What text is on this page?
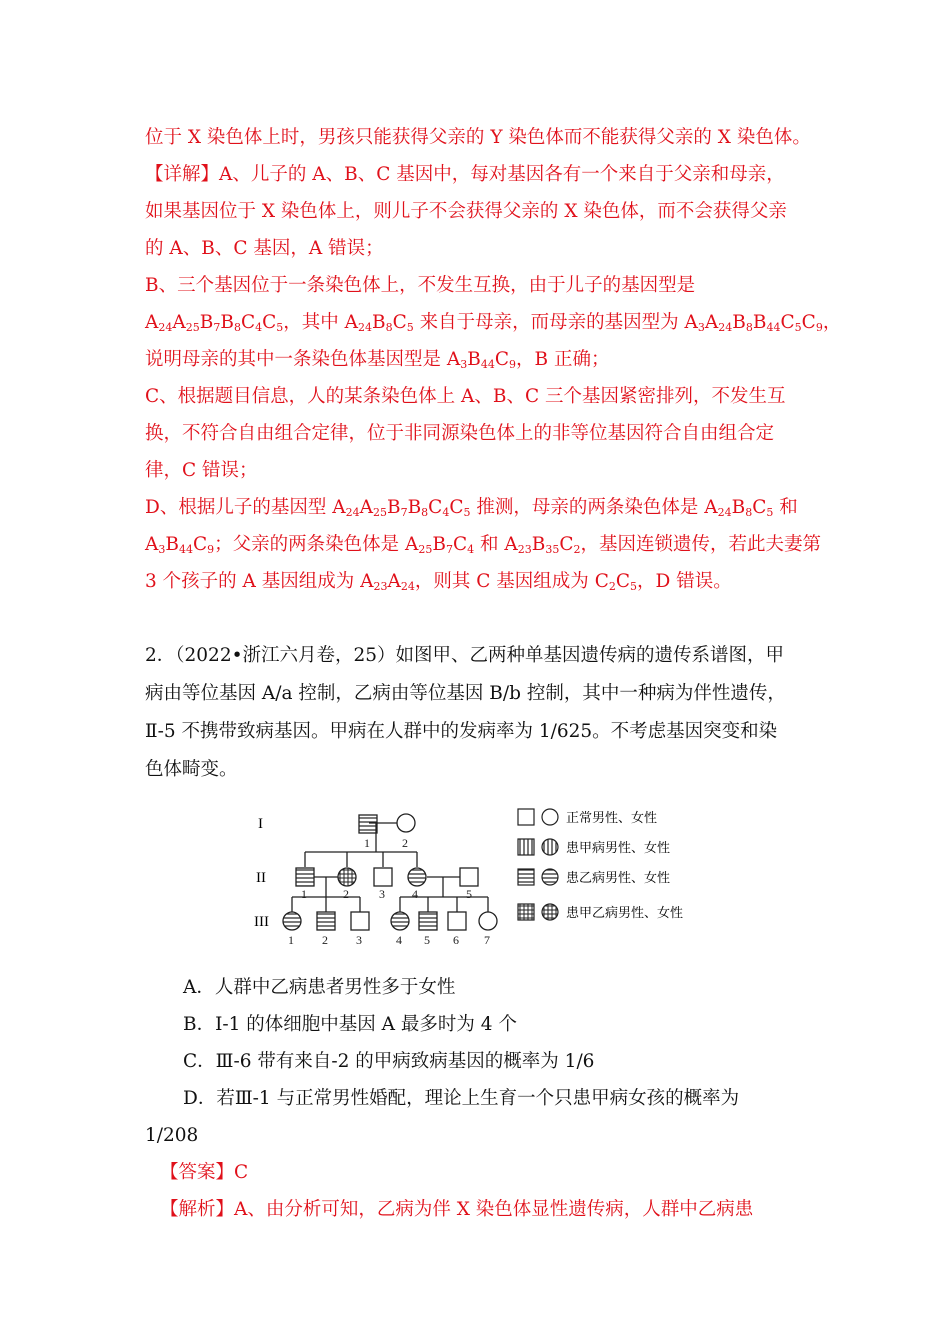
位于 X 染色体上时，男孩只能获得父亲的 Y 染色体而不能获得父亲的 X 染色体。
【详解】A、儿子的 A、B、C 基因中，每对基因各有一个来自于父亲和母亲，
如果基因位于 X 染色体上，则儿子不会获得父亲的 X 染色体，而不会获得父亲
的 A、B、C 基因，A 错误；
B、三个基因位于一条染色体上，不发生互换，由于儿子的基因型是
$A_{24}A_{25}B_7B_8C_4C_5$，其中 $A_{24}B_8C_5$ 来自于母亲，而母亲的基因型为 $A_3A_{24}B_8B_{44}C_5C_9$，
说明母亲的其中一条染色体基因型是 $A_3B_{44}C_9$，B 正确；
C、根据题目信息，人的某条染色体上 A、B、C 三个基因紧密排列，不发生互
换，不符合自由组合定律，位于非同源染色体上的非等位基因符合自由组合定
律，C 错误；
D、根据儿子的基因型 $A_{24}A_{25}B_7B_8C_4C_5$ 推测，母亲的两条染色体是 $A_{24}B_8C_5$ 和
$A_3B_{44}C_9$；父亲的两条染色体是 $A_{25}B_7C_4$ 和 $A_{23}B_{35}C_2$，基因连锁遗传，若此夫妻第
3 个孩子的 A 基因组成为 $A_{23}A_{24}$，则其 C 基因组成为 $C_2C_5$，D 错误。
2．（2022•浙江六月卷，25）如图甲、乙两种单基因遗传病的遗传系谱图，甲
病由等位基因 A/a 控制，乙病由等位基因 B/b 控制，其中一种病为伴性遗传，
Ⅱ-5 不携带致病基因。甲病在人群中的发病率为 1/625。不考虑基因突变和染
色体畸变。
I
II
III
1	2
1	2	3 4	5
1 2 3	4 5 6 7
正常男性、女性
患甲病男性、女性
患乙病男性、女性
患甲乙病男性、女性
A．人群中乙病患者男性多于女性
B．Ⅰ-1 的体细胞中基因 A 最多时为 4 个
C．Ⅲ-6 带有来自-2 的甲病致病基因的概率为 1/6
D．若Ⅲ-1 与正常男性婚配，理论上生育一个只患甲病女孩的概率为
1/208
【答案】C
【解析】A、由分析可知，乙病为伴 X 染色体显性遗传病，人群中乙病患
